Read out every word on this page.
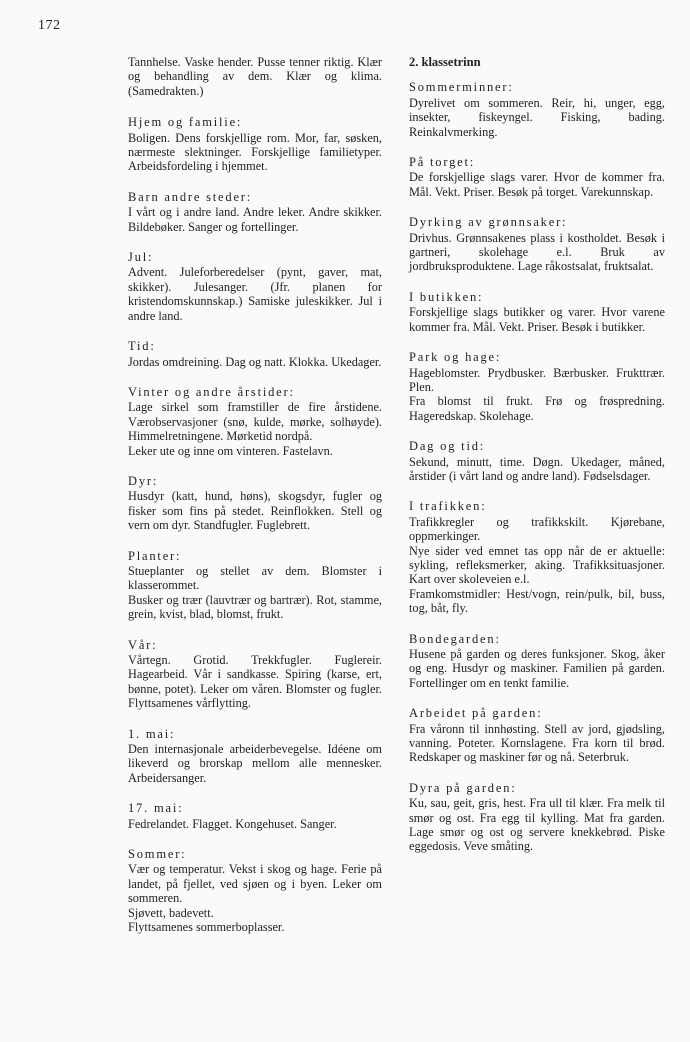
172

Tannhelse. Vaske hender. Pusse tenner riktig. Klær og behandling av dem. Klær og klima. (Samedrakten.)

Hjem og familie:

Boligen. Dens forskjellige rom. Mor, far, søsken, nærmeste slektninger. Forskjellige familietyper. Arbeidsfordeling i hjemmet.

Barn andre steder:

I vårt og i andre land. Andre leker. Andre skikker. Bildebøker. Sanger og fortellinger.

Jul:

Advent. Juleforberedelser (pynt, gaver, mat, skikker). Julesanger. (Jfr. planen for kristendomskunnskap.) Samiske juleskikker. Jul i andre land.

Tid:

Jordas omdreining. Dag og natt. Klokka. Ukedager.

Vinter og andre årstider:

Lage sirkel som framstiller de fire årstidene. Værobservasjoner (snø, kulde, mørke, solhøyde). Himmelretningene. Mørketid nordpå.

Leker ute og inne om vinteren. Fastelavn.

Dyr:

Husdyr (katt, hund, høns), skogsdyr, fugler og fisker som fins på stedet. Reinflokken. Stell og vern om dyr. Standfugler. Fuglebrett.

Planter:

Stueplanter og stellet av dem. Blomster i klasserommet.

Busker og trær (lauvtrær og bartrær). Rot, stamme, grein, kvist, blad, blomst, frukt.

Vår:

Vårtegn. Grotid. Trekkfugler. Fuglereir. Hagearbeid. Vår i sandkasse. Spiring (karse, ert, bønne, potet). Leker om våren. Blomster og fugler. Flyttsamenes vårflytting.

1. mai:

Den internasjonale arbeiderbevegelse. Idéene om likeverd og brorskap mellom alle mennesker. Arbeidersanger.

17. mai:

Fedrelandet. Flagget. Kongehuset. Sanger.

Sommer:

Vær og temperatur. Vekst i skog og hage. Ferie på landet, på fjellet, ved sjøen og i byen. Leker om sommeren.

Sjøvett, badevett.

Flyttsamenes sommerboplasser.

2. klassetrinn
Sommerminner:

Dyrelivet om sommeren. Reir, hi, unger, egg, insekter, fiskeyngel. Fisking, bading. Reinkalvmerking.

På torget:

De forskjellige slags varer. Hvor de kommer fra. Mål. Vekt. Priser. Besøk på torget. Varekunnskap.

Dyrking av grønnsaker:

Drivhus. Grønnsakenes plass i kostholdet. Besøk i gartneri, skolehage e.l. Bruk av jordbruksproduktene. Lage råkostsalat, fruktsalat.

I butikken:

Forskjellige slags butikker og varer. Hvor varene kommer fra. Mål. Vekt. Priser. Besøk i butikker.

Park og hage:

Hageblomster. Prydbusker. Bærbusker. Frukttrær. Plen.

Fra blomst til frukt. Frø og frøspredning. Hageredskap. Skolehage.

Dag og tid:

Sekund, minutt, time. Døgn. Ukedager, måned, årstider (i vårt land og andre land). Fødselsdager.

I trafikken:

Trafikkregler og trafikkskilt. Kjørebane, oppmerkinger.

Nye sider ved emnet tas opp når de er aktuelle: sykling, refleksmerker, aking. Trafikksituasjoner. Kart over skoleveien e.l.

Framkomstmidler: Hest/vogn, rein/pulk, bil, buss, tog, båt, fly.

Bondegarden:

Husene på garden og deres funksjoner. Skog, åker og eng. Husdyr og maskiner. Familien på garden. Fortellinger om en tenkt familie.

Arbeidet på garden:

Fra våronn til innhøsting. Stell av jord, gjødsling, vanning. Poteter. Kornslagene. Fra korn til brød. Redskaper og maskiner før og nå. Seterbruk.

Dyra på garden:

Ku, sau, geit, gris, hest. Fra ull til klær. Fra melk til smør og ost. Fra egg til kylling. Mat fra garden. Lage smør og ost og servere knekkebrød. Piske eggedosis. Veve småting.
